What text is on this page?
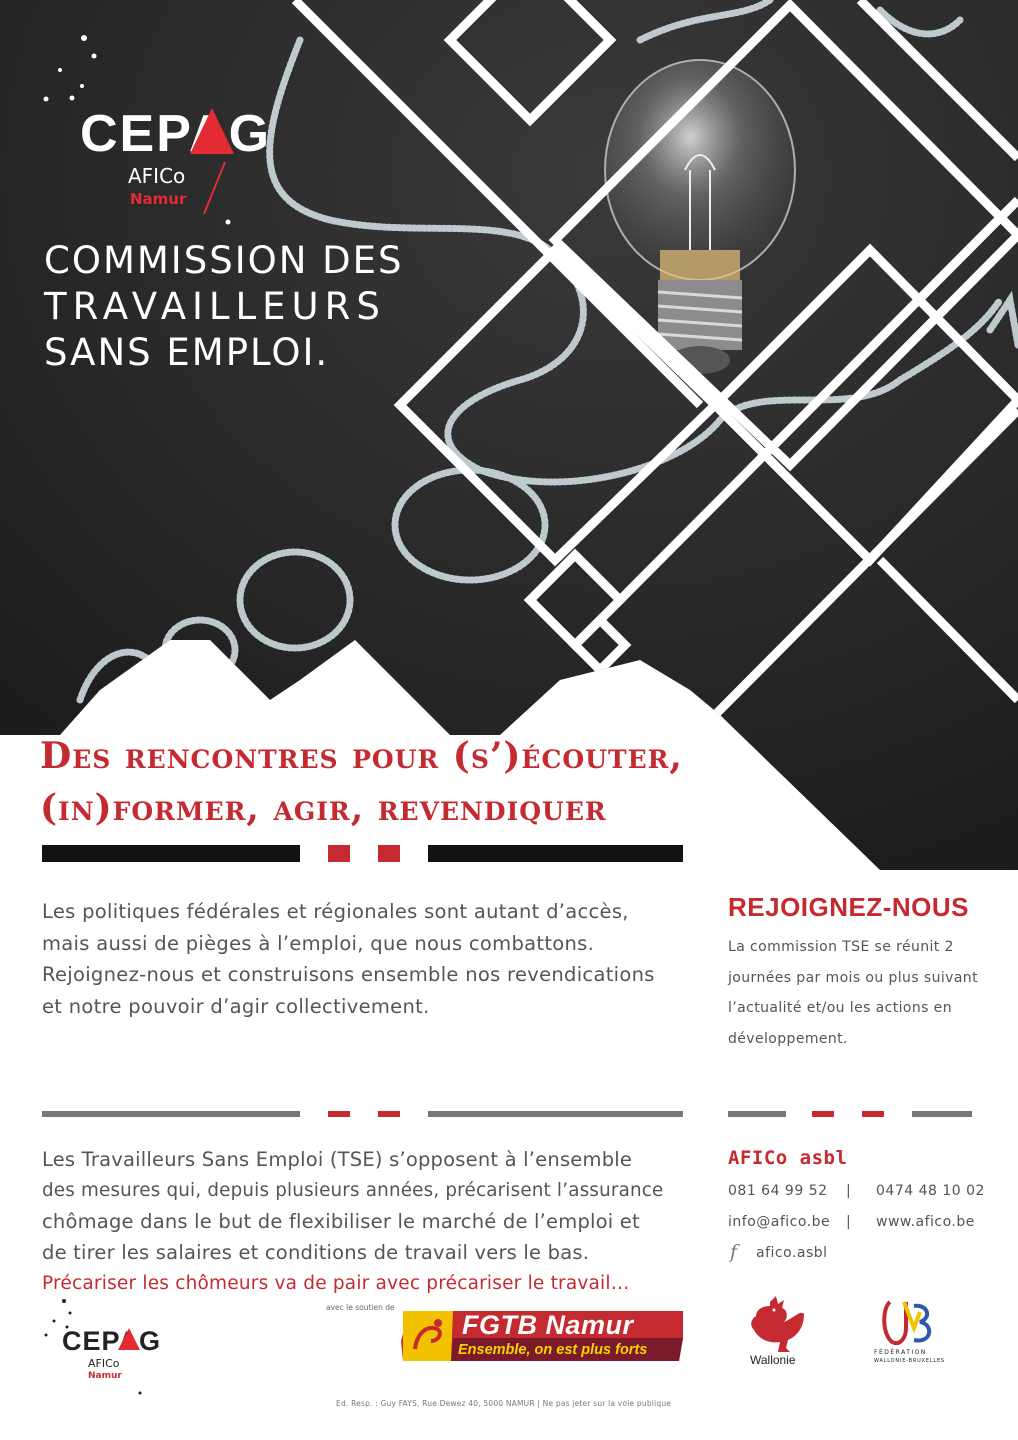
CEPAG
AFICo
Namur
COMMISSION DES
TRAVAILLEURS
SANS EMPLOI.
Des rencontres pour (s’)écouter,
(in)former, agir, revendiquer
Les politiques fédérales et régionales sont autant d’accès,
mais aussi de pièges à l’emploi, que nous combattons.
Rejoignez-nous et construisons ensemble nos revendications
et notre pouvoir d’agir collectivement.
REJOIGNEZ-NOUS
La commission TSE se réunit 2
journées par mois ou plus suivant
l’actualité et/ou les actions en
développement.
Les Travailleurs Sans Emploi (TSE) s’opposent à l’ensemble
des mesures qui, depuis plusieurs années, précarisent l’assurance
chômage dans le but de flexibiliser le marché de l’emploi et
de tirer les salaires et conditions de travail vers le bas.
Précariser les chômeurs va de pair avec précariser le travail…
AFICo asbl
081 64 99 52 | 0474 48 10 02
info@afico.be | www.afico.be
f afico.asbl
CEPAG
AFICo
Namur
avec le soutien de
FGTB Namur
Ensemble, on est plus forts
Wallonie
FÉDÉRATION
WALLONIE-BRUXELLES
Ed. Resp. : Guy FAYS, Rue Dewez 40, 5000 NAMUR | Ne pas jeter sur la voie publique
